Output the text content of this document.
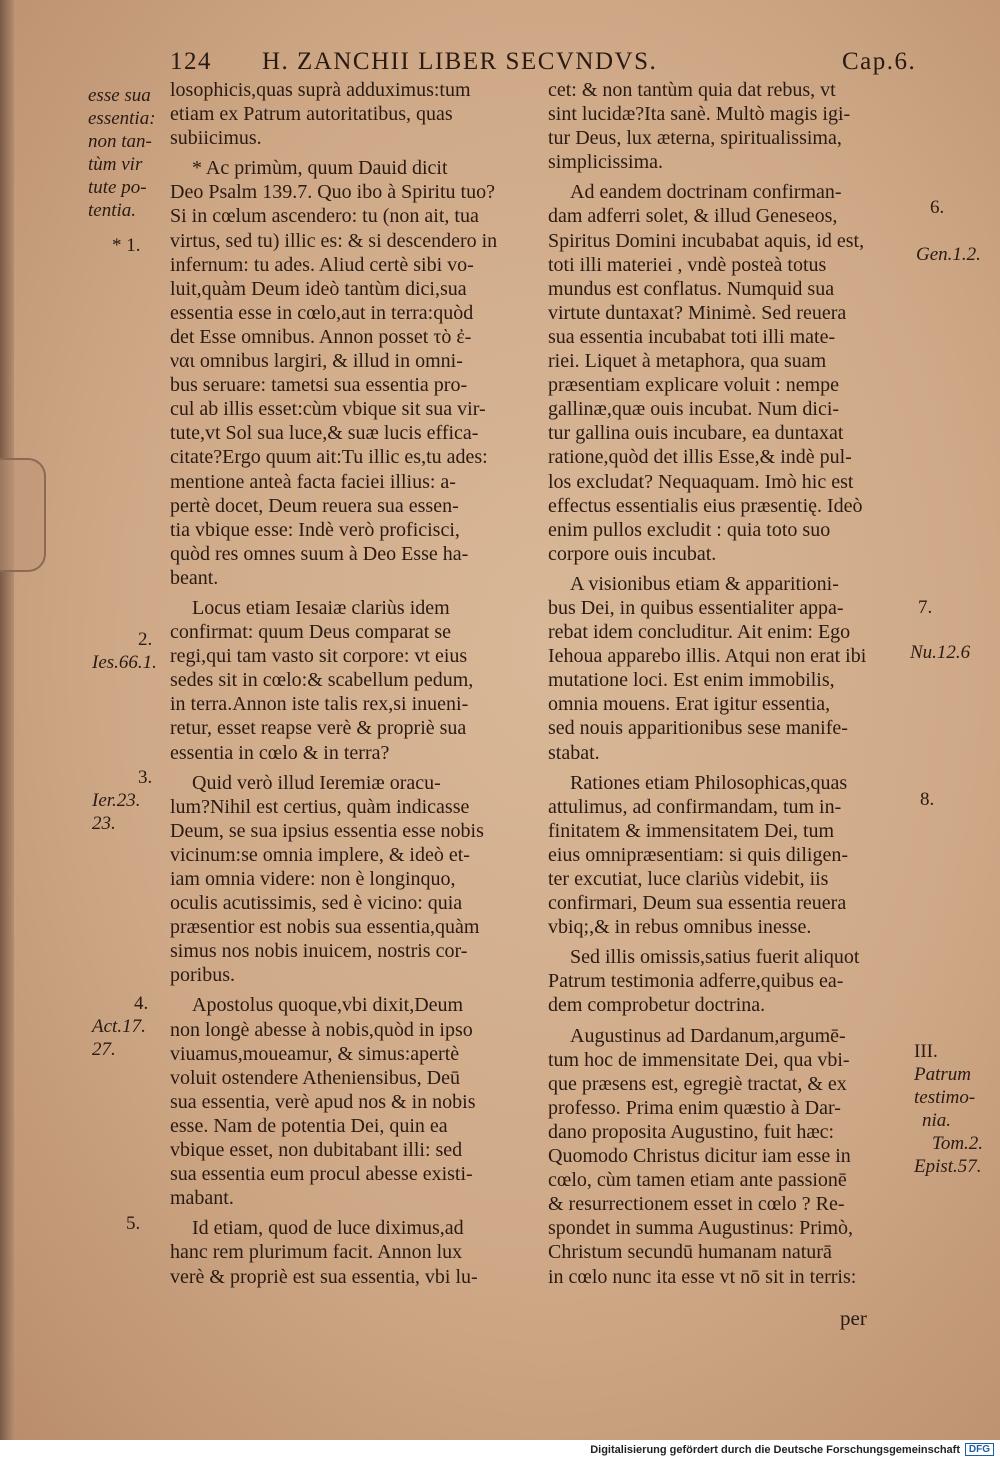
124 H. ZANCHII LIBER SECVNDVS.	Cap.6.
esse sua
essentia:
non tan-
tùm vir
tute po-
tentia.
* 1.
2.
Ies.66.1.
3.
Ier.23.
23.
4.
Act.17.
27.
5.
losophicis,quas suprà adduximus:tum
etiam ex Patrum autoritatibus, quas
subiicimus.
* Ac primùm, quum Dauid dicit
Deo Psalm 139.7. Quo ibo à Spiritu tuo?
Si in cœlum ascendero: tu (non ait, tua
virtus, sed tu) illic es: & si descendero in
infernum: tu ades. Aliud certè sibi vo-
luit,quàm Deum ideò tantùm dici,sua
essentia esse in cœlo,aut in terra:quòd
det Esse omnibus. Annon posset τὸ ἐ-
ναι omnibus largiri, & illud in omni-
bus seruare: tametsi sua essentia pro-
cul ab illis esset:cùm vbique sit sua vir-
tute,vt Sol sua luce,& suæ lucis effica-
citate?Ergo quum ait:Tu illic es,tu ades:
mentione anteà facta faciei illius: a-
pertè docet, Deum reuera sua essen-
tia vbique esse: Indè verò proficisci,
quòd res omnes suum à Deo Esse ha-
beant.
Locus etiam Iesaiæ clariùs idem
confirmat: quum Deus comparat se
regi,qui tam vasto sit corpore: vt eius
sedes sit in cœlo:& scabellum pedum,
in terra.Annon iste talis rex,si inueni-
retur, esset reapse verè & propriè sua
essentia in cœlo & in terra?
Quid verò illud Ieremiæ oracu-
lum?Nihil est certius, quàm indicasse
Deum, se sua ipsius essentia esse nobis
vicinum:se omnia implere, & ideò et-
iam omnia videre: non è longinquo,
oculis acutissimis, sed è vicino: quia
præsentior est nobis sua essentia,quàm
simus nos nobis inuicem, nostris cor-
poribus.
Apostolus quoque,vbi dixit,Deum
non longè abesse à nobis,quòd in ipso
viuamus,moueamur, & simus:apertè
voluit ostendere Atheniensibus, Deū
sua essentia, verè apud nos & in nobis
esse. Nam de potentia Dei, quin ea
vbique esset, non dubitabant illi: sed
sua essentia eum procul abesse existi-
mabant.
Id etiam, quod de luce diximus,ad
hanc rem plurimum facit. Annon lux
verè & propriè est sua essentia, vbi lu-
cet: & non tantùm quia dat rebus, vt
sint lucidæ?Ita sanè. Multò magis igi-
tur Deus, lux æterna, spiritualissima,
simplicissima.
Ad eandem doctrinam confirman-
dam adferri solet, & illud Geneseos,
Spiritus Domini incubabat aquis, id est,
toti illi materiei , vndè posteà totus
mundus est conflatus. Numquid sua
virtute duntaxat? Minimè. Sed reuera
sua essentia incubabat toti illi mate-
riei. Liquet à metaphora, qua suam
præsentiam explicare voluit : nempe
gallinæ,quæ ouis incubat. Num dici-
tur gallina ouis incubare, ea duntaxat
ratione,quòd det illis Esse,& indè pul-
los excludat? Nequaquam. Imò hic est
effectus essentialis eius præsentię. Ideò
enim pullos excludit : quia toto suo
corpore ouis incubat.
A visionibus etiam & apparitioni-
bus Dei, in quibus essentialiter appa-
rebat idem concluditur. Ait enim: Ego
Iehoua apparebo illis. Atqui non erat ibi
mutatione loci. Est enim immobilis,
omnia mouens. Erat igitur essentia,
sed nouis apparitionibus sese manife-
stabat.
Rationes etiam Philosophicas,quas
attulimus, ad confirmandam, tum in-
finitatem & immensitatem Dei, tum
eius omnipræsentiam: si quis diligen-
ter excutiat, luce clariùs videbit, iis
confirmari, Deum sua essentia reuera
vbiq;,& in rebus omnibus inesse.
Sed illis omissis,satius fuerit aliquot
Patrum testimonia adferre,quibus ea-
dem comprobetur doctrina.
Augustinus ad Dardanum,argumē-
tum hoc de immensitate Dei, qua vbi-
que præsens est, egregiè tractat, & ex
professo. Prima enim quæstio à Dar-
dano proposita Augustino, fuit hæc:
Quomodo Christus dicitur iam esse in
cœlo, cùm tamen etiam ante passionē
& resurrectionem esset in cœlo ? Re-
spondet in summa Augustinus: Primò,
Christum secundū humanam naturā
in cœlo nunc ita esse vt nō sit in terris:
6.
Gen.1.2.
7.
Nu.12.6
8.
III.
Patrum
testimo-
nia.
Tom.2.
Epist.57.
per
Digitalisierung gefördert durch die Deutsche Forschungsgemeinschaft DFG
